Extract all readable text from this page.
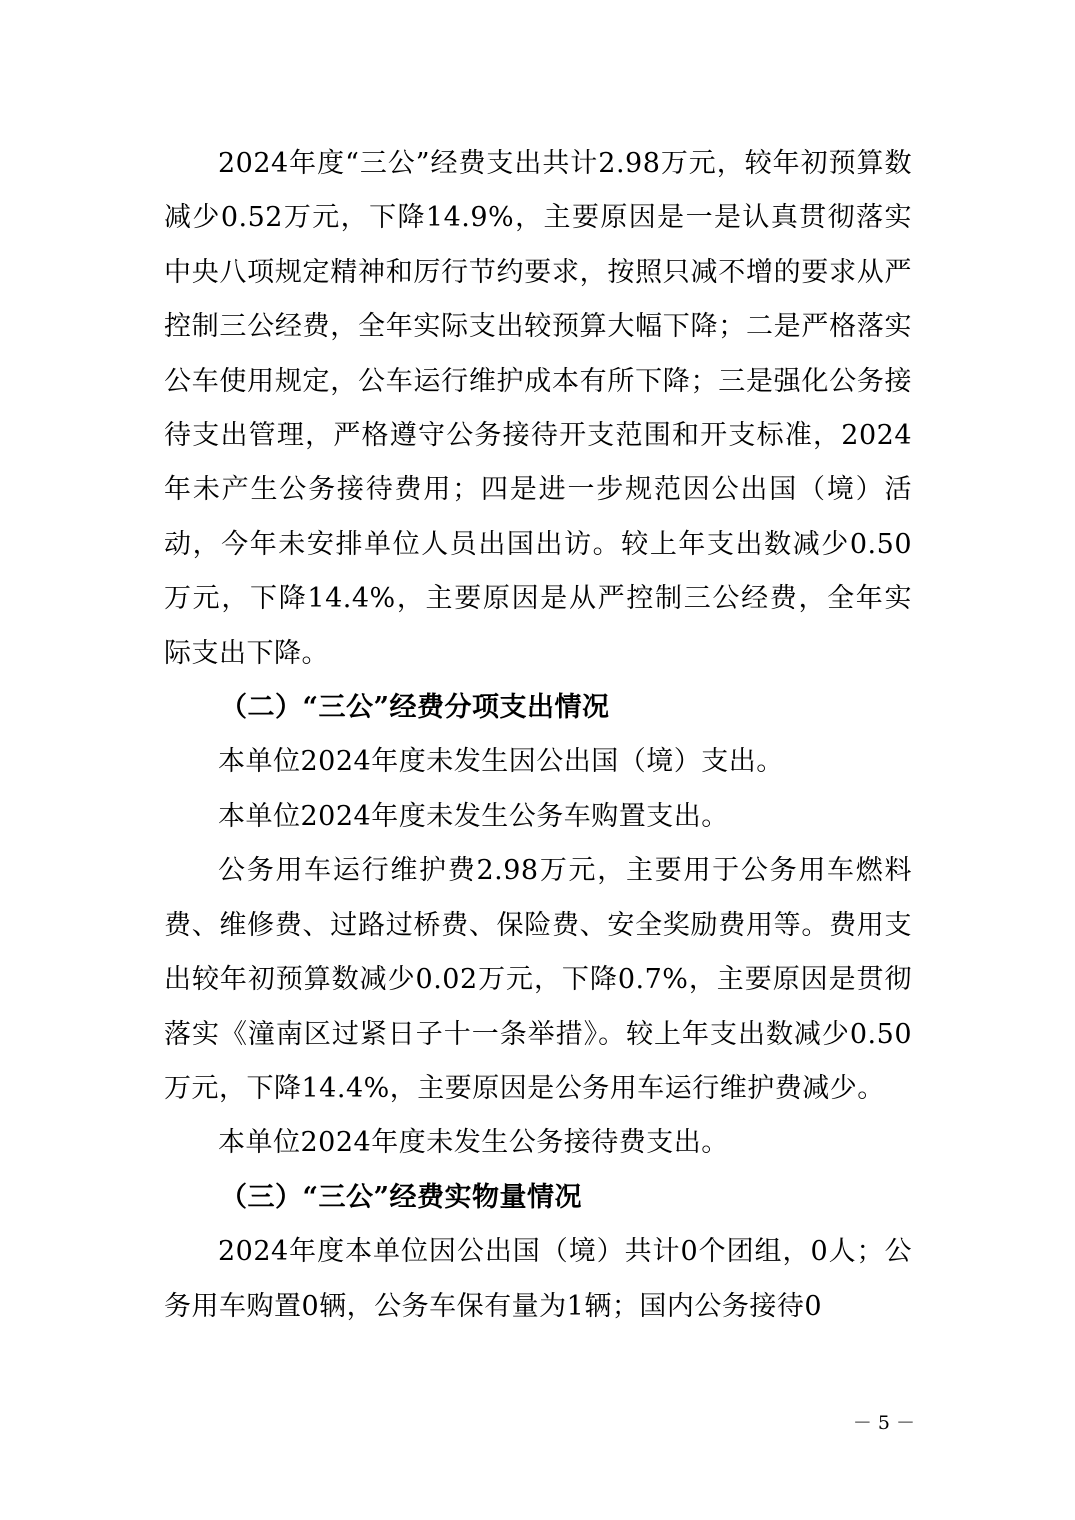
2024年度“三公”经费支出共计2.98万元，较年初预算数减少0.52万元，下降14.9%，主要原因是一是认真贯彻落实中央八项规定精神和厉行节约要求，按照只减不增的要求从严控制三公经费，全年实际支出较预算大幅下降；二是严格落实公车使用规定，公车运行维护成本有所下降；三是强化公务接待支出管理，严格遵守公务接待开支范围和开支标准，2024年未产生公务接待费用；四是进一步规范因公出国（境）活动，今年未安排单位人员出国出访。较上年支出数减少0.50万元，下降14.4%，主要原因是从严控制三公经费，全年实际支出下降。

（二）“三公”经费分项支出情况

本单位2024年度未发生因公出国（境）支出。

本单位2024年度未发生公务车购置支出。

公务用车运行维护费2.98万元，主要用于公务用车燃料费、维修费、过路过桥费、保险费、安全奖励费用等。费用支出较年初预算数减少0.02万元，下降0.7%，主要原因是贯彻落实《潼南区过紧日子十一条举措》。较上年支出数减少0.50万元，下降14.4%，主要原因是公务用车运行维护费减少。

本单位2024年度未发生公务接待费支出。

（三）“三公”经费实物量情况

2024年度本单位因公出国（境）共计0个团组，0人；公务用车购置0辆，公务车保有量为1辆；国内公务接待0

－ 5 －
